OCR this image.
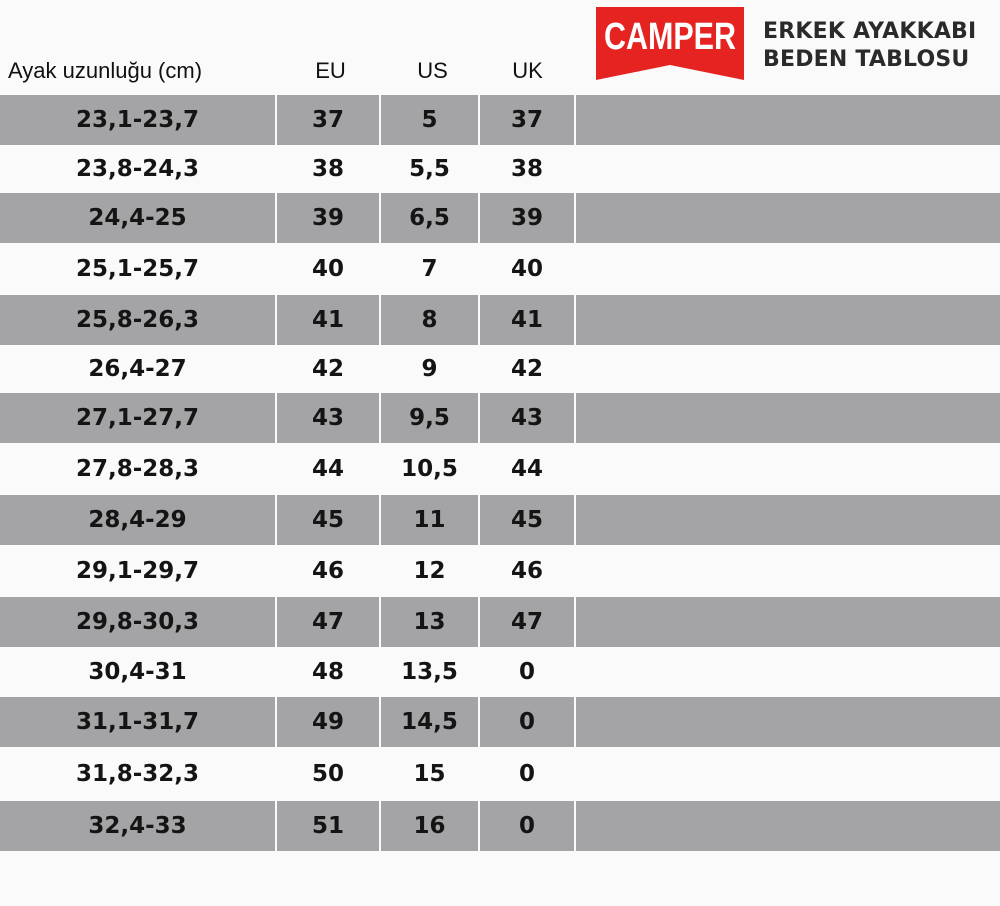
Ayak uzunluğu (cm)	EU	US	UK
CAMPER ERKEK AYAKKABI
BEDEN TABLOSU
23,1-23,7	37	5	37
23,8-24,3	38	5,5	38
24,4-25	39	6,5	39
25,1-25,7	40	7	40
25,8-26,3	41	8	41
26,4-27	42	9	42
27,1-27,7	43	9,5	43
27,8-28,3	44	10,5	44
28,4-29	45	11	45
29,1-29,7	46	12	46
29,8-30,3	47	13	47
30,4-31	48	13,5	0
31,1-31,7	49	14,5	0
31,8-32,3	50	15	0
32,4-33	51	16	0
